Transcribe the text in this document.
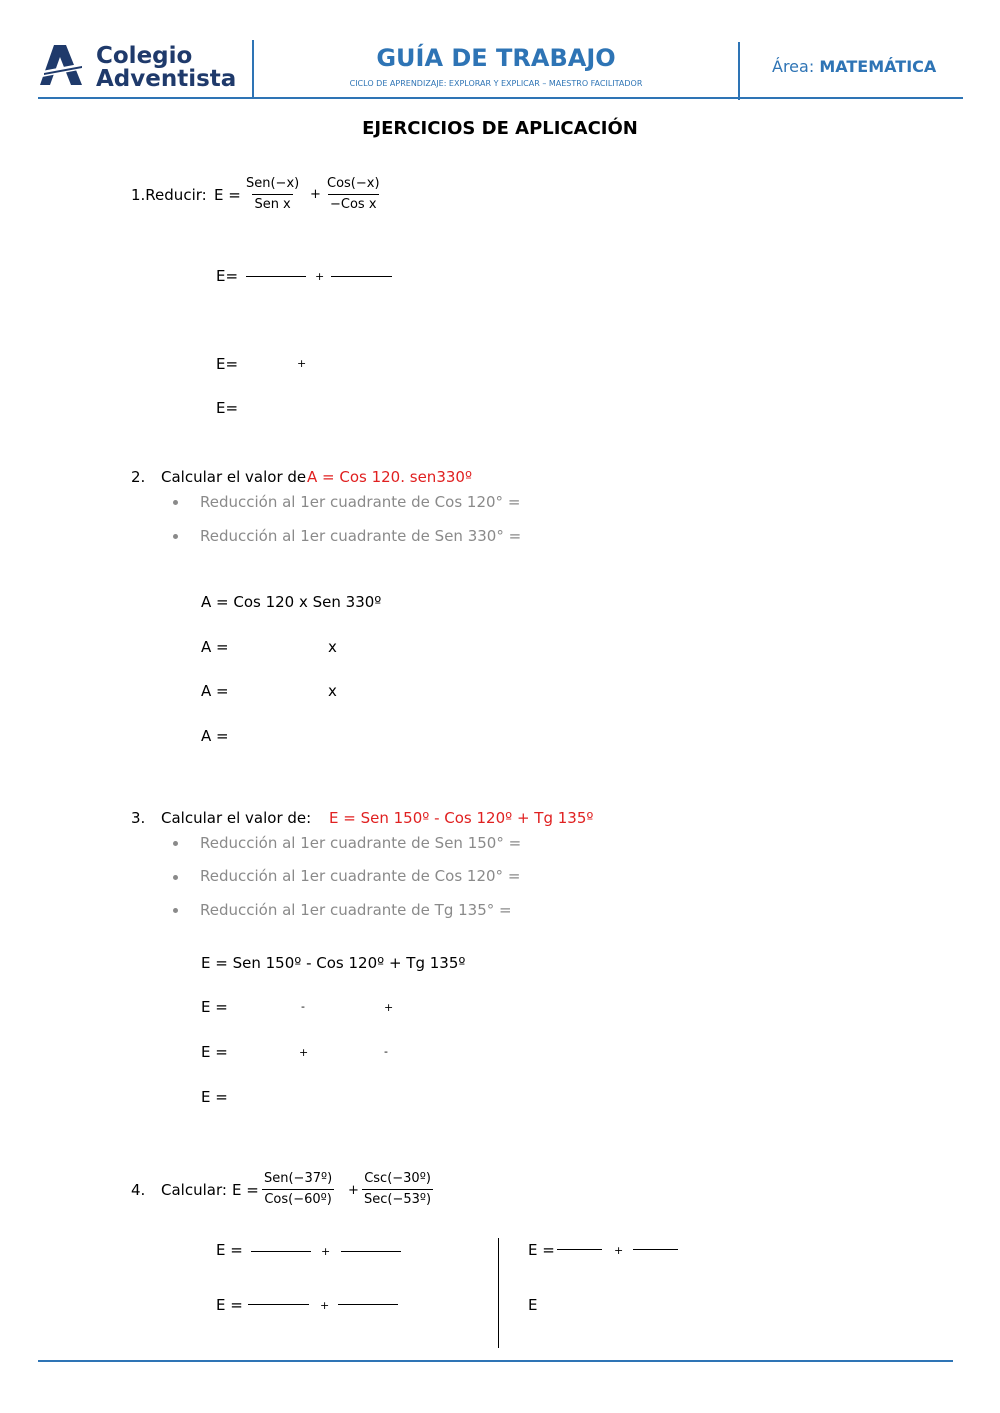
Colegio
Adventista
GUÍA DE TRABAJO
CICLO DE APRENDIZAJE: EXPLORAR Y EXPLICAR – MAESTRO FACILITADOR
Área: MATEMÁTICA
EJERCICIOS DE APLICACIÓN
1.Reducir: E =
Sen(−x)
Sen x
+
Cos(−x)
−Cos x
E=	+
E=	+
E=
2. Calcular el valor de A = Cos 120. sen330º
Reducción al 1er cuadrante de Cos 120° =
Reducción al 1er cuadrante de Sen 330° =
A = Cos 120 x Sen 330º
A =	x
A =	x
A =
3. Calcular el valor de: E = Sen 150º - Cos 120º + Tg 135º
Reducción al 1er cuadrante de Sen 150° =
Reducción al 1er cuadrante de Cos 120° =
Reducción al 1er cuadrante de Tg 135° =
E = Sen 150º - Cos 120º + Tg 135º
E =	-	+
E =	+	-
E =
4. Calcular: E =
Sen(−37º)
Cos(−60º)
+
Csc(−30º)
Sec(−53º)
E =	+
E =	+
E =	+
E
